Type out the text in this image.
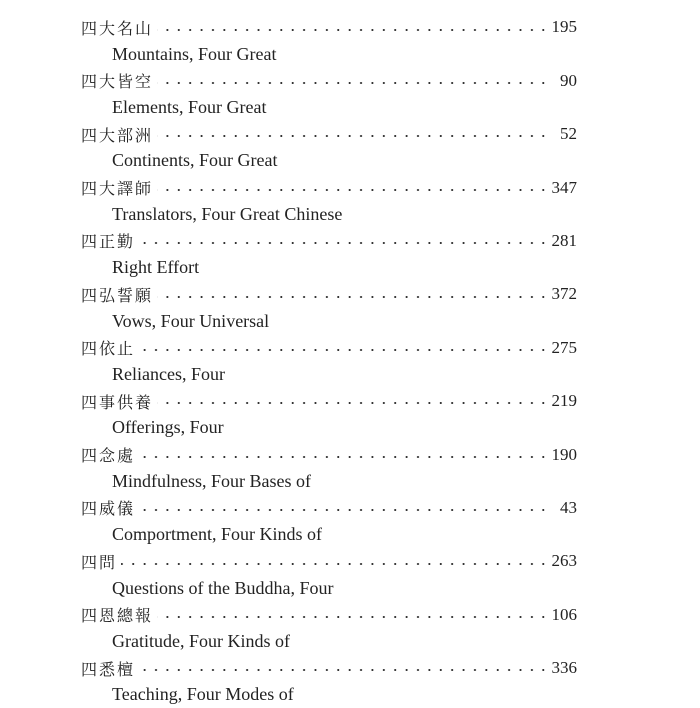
四大名山	195
Mountains, Four Great
四大皆空	90
Elements, Four Great
四大部洲	52
Continents, Four Great
四大譯師	347
Translators, Four Great Chinese
四正勤	281
Right Effort
四弘誓願	372
Vows, Four Universal
四依止	275
Reliances, Four
四事供養	219
Offerings, Four
四念處	190
Mindfulness, Four Bases of
四威儀	43
Comportment, Four Kinds of
四問	263
Questions of the Buddha, Four
四恩總報	106
Gratitude, Four Kinds of
四悉檀	336
Teaching, Four Modes of
